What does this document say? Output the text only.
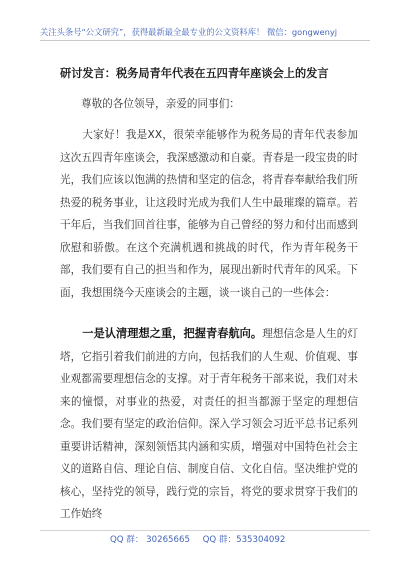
关注头条号“公文研究”，获得最新最全最专业的公文资料库！ 微信：gongwenyj
研讨发言：税务局青年代表在五四青年座谈会上的发言
尊敬的各位领导，亲爱的同事们：
大家好！我是XX，很荣幸能够作为税务局的青年代表参加这次五四青年座谈会，我深感激动和自豪。青春是一段宝贵的时光，我们应该以饱满的热情和坚定的信念，将青春奉献给我们所热爱的税务事业，让这段时光成为我们人生中最璀璨的篇章。若干年后，当我们回首往事，能够为自己曾经的努力和付出而感到欣慰和骄傲。在这个充满机遇和挑战的时代，作为青年税务干部，我们要有自己的担当和作为，展现出新时代青年的风采。下面，我想围绕今天座谈会的主题，谈一谈自己的一些体会：
一是认清理想之重，把握青春航向。理想信念是人生的灯塔，它指引着我们前进的方向，包括我们的人生观、价值观、事业观都需要理想信念的支撑。对于青年税务干部来说，我们对未来的憧憬，对事业的热爱，对责任的担当都源于坚定的理想信念。我们要有坚定的政治信仰。深入学习领会习近平总书记系列重要讲话精神，深刻领悟其内涵和实质，增强对中国特色社会主义的道路自信、理论自信、制度自信、文化自信。坚决维护党的核心，坚持党的领导，践行党的宗旨，将党的要求贯穿于我们的工作始终
QQ 群： 30265665 QQ 群：535304092
